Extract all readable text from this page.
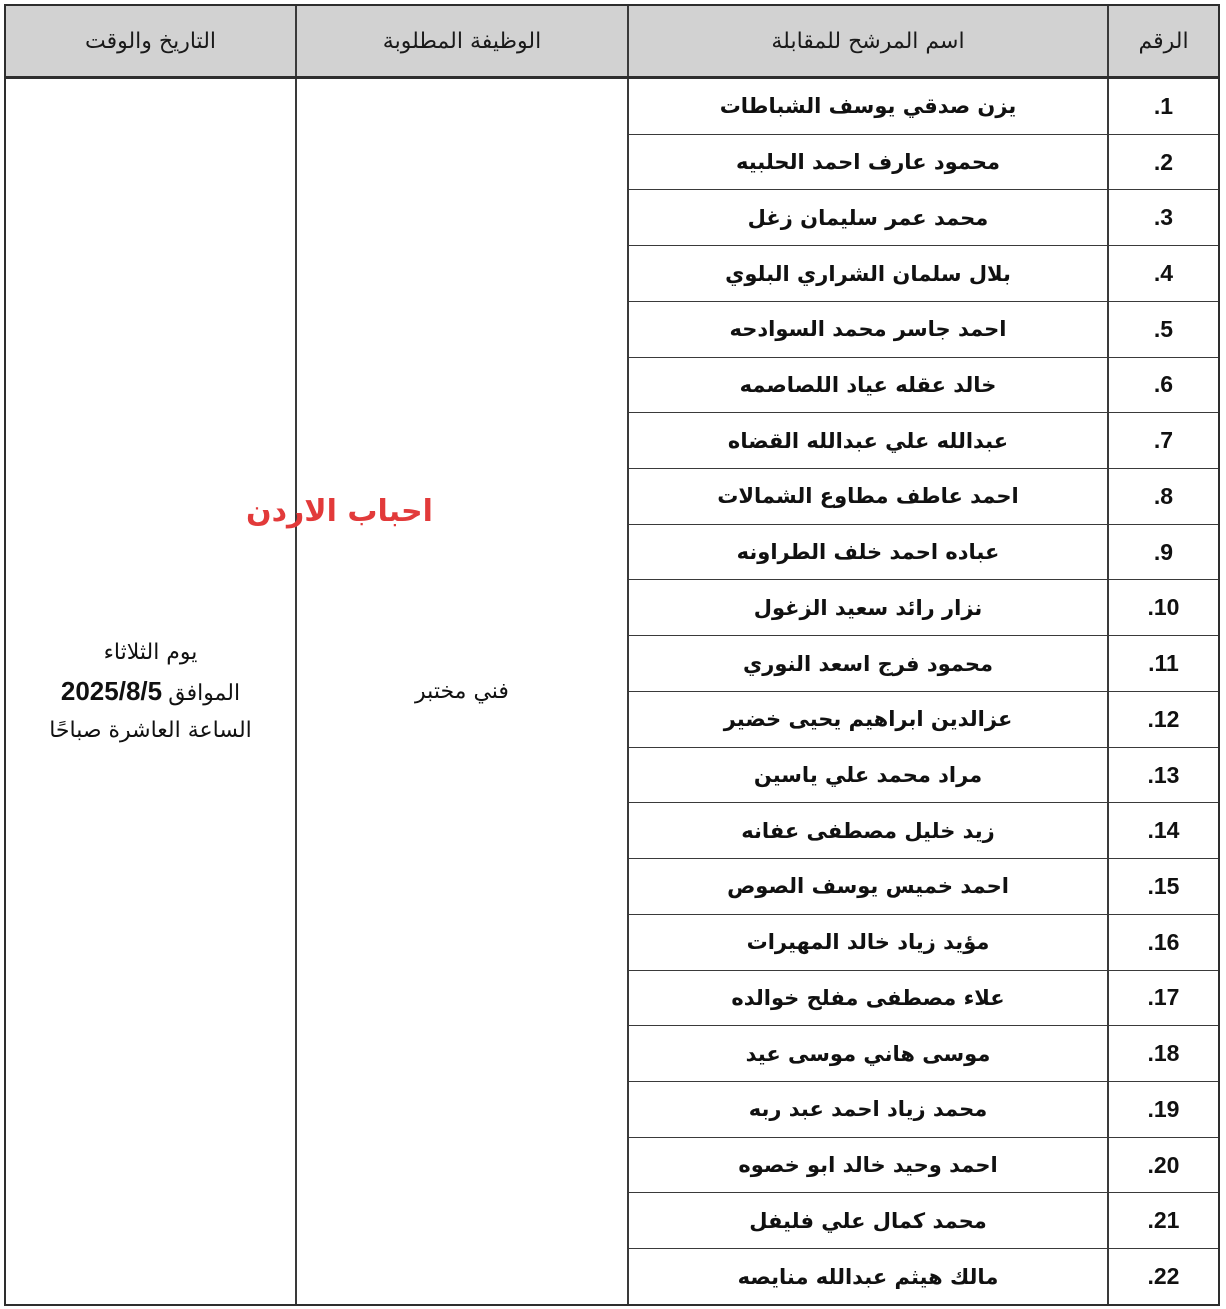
الرقم	اسم المرشح للمقابلة	الوظيفة المطلوبة	التاريخ والوقت
.1	يزن صدقي يوسف الشباطات	فني مختبر	يوم الثلاثاء
الموافق 2025/8/5
الساعة العاشرة صباحًا

.2	محمود عارف احمد الحلبيه		
.3	محمد عمر سليمان زغل		
.4	بلال سلمان الشراري البلوي		
.5	احمد جاسر محمد السوادحه		
.6	خالد عقله عياد اللصاصمه		
.7	عبدالله علي عبدالله القضاه		
.8	احمد عاطف مطاوع الشمالات		
.9	عباده احمد خلف الطراونه		
.10	نزار رائد سعيد الزغول		
.11	محمود فرج اسعد النوري		
.12	عزالدين ابراهيم يحيى خضير		
.13	مراد محمد علي ياسين		
.14	زيد خليل مصطفى عفانه		
.15	احمد خميس يوسف الصوص		
.16	مؤيد زياد خالد المهيرات		
.17	علاء مصطفى مفلح خوالده		
.18	موسى هاني موسى عيد		
.19	محمد زياد احمد عبد ربه		
.20	احمد وحيد خالد ابو خصوه		
.21	محمد كمال علي فليفل		
.22	مالك هيثم عبدالله منايصه		
احباب الاردن
